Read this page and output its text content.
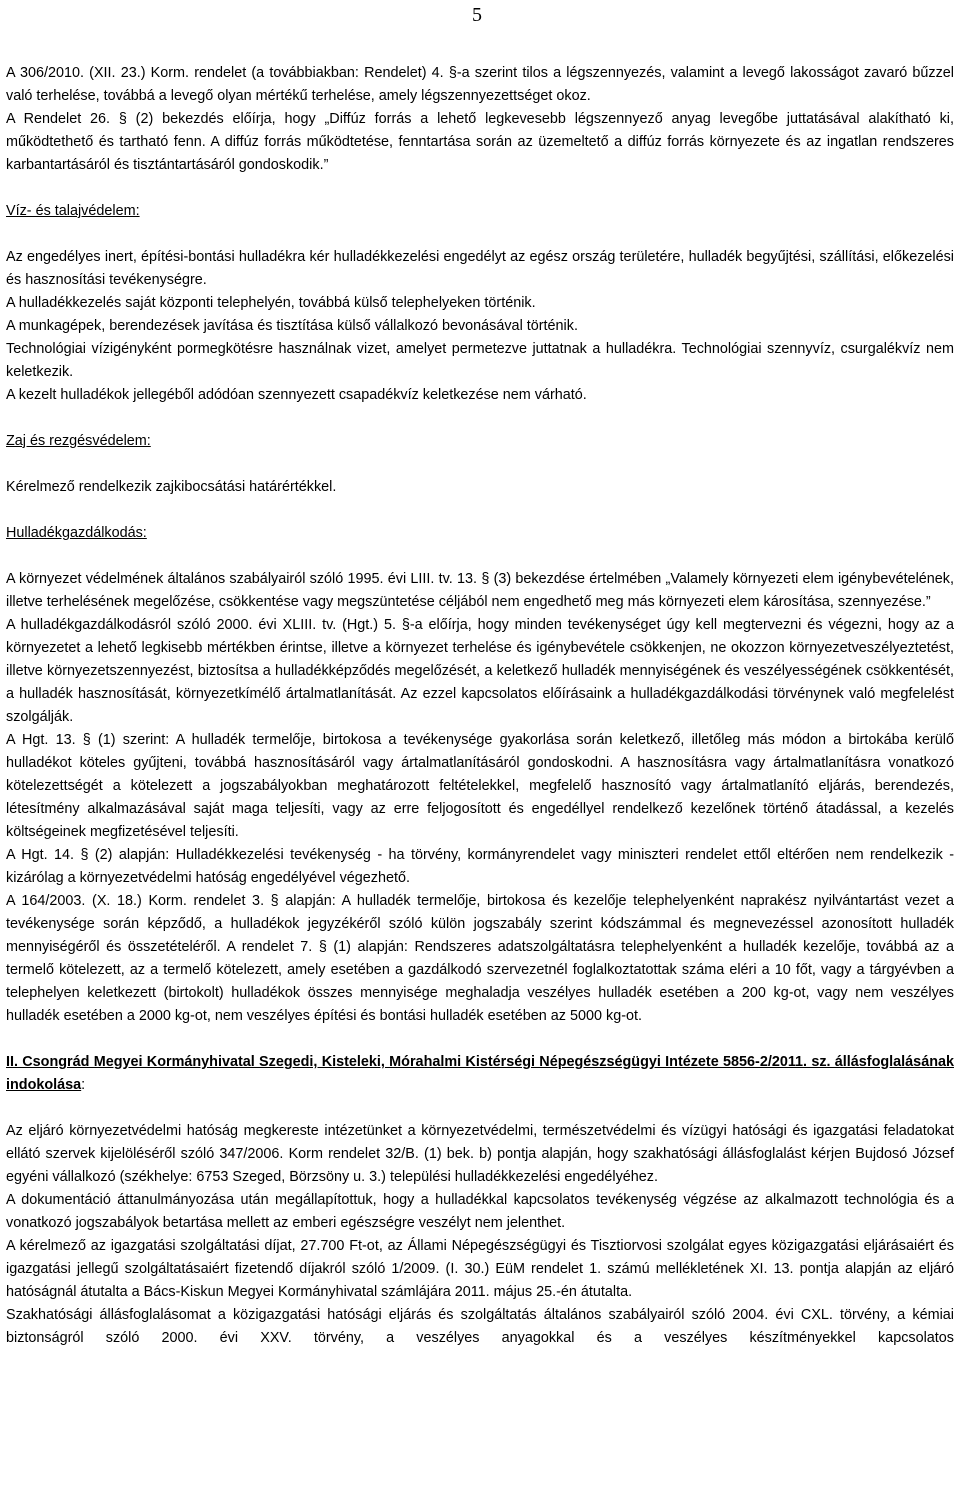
5

A 306/2010. (XII. 23.) Korm. rendelet (a továbbiakban: Rendelet) 4. §-a szerint tilos a légszennyezés, valamint a levegő lakosságot zavaró bűzzel való terhelése, továbbá a levegő olyan mértékű terhelése, amely légszennyezettséget okoz.

A Rendelet 26. § (2) bekezdés előírja, hogy „Diffúz forrás a lehető legkevesebb légszennyező anyag levegőbe juttatásával alakítható ki, működtethető és tartható fenn. A diffúz forrás működtetése, fenntartása során az üzemeltető a diffúz forrás környezete és az ingatlan rendszeres karbantartásáról és tisztántartásáról gondoskodik.”

Víz- és talajvédelem:

Az engedélyes inert, építési-bontási hulladékra kér hulladékkezelési engedélyt az egész ország területére, hulladék begyűjtési, szállítási, előkezelési és hasznosítási tevékenységre.

A hulladékkezelés saját központi telephelyén, továbbá külső telephelyeken történik.

A munkagépek, berendezések javítása és tisztítása külső vállalkozó bevonásával történik.

Technológiai vízigényként pormegkötésre használnak vizet, amelyet permetezve juttatnak a hulladékra. Technológiai szennyvíz, csurgalékvíz nem keletkezik.

A kezelt hulladékok jellegéből adódóan szennyezett csapadékvíz keletkezése nem várható.

Zaj és rezgésvédelem:

Kérelmező rendelkezik zajkibocsátási határértékkel.

Hulladékgazdálkodás:

A környezet védelmének általános szabályairól szóló 1995. évi LIII. tv. 13. § (3) bekezdése értelmében „Valamely környezeti elem igénybevételének, illetve terhelésének megelőzése, csökkentése vagy megszüntetése céljából nem engedhető meg más környezeti elem károsítása, szennyezése.”

A hulladékgazdálkodásról szóló 2000. évi XLIII. tv. (Hgt.) 5. §-a előírja, hogy minden tevékenységet úgy kell megtervezni és végezni, hogy az a környezetet a lehető legkisebb mértékben érintse, illetve a környezet terhelése és igénybevétele csökkenjen, ne okozzon környezetveszélyeztetést, illetve környezetszennyezést, biztosítsa a hulladékképződés megelőzését, a keletkező hulladék mennyiségének és veszélyességének csökkentését, a hulladék hasznosítását, környezetkímélő ártalmatlanítását. Az ezzel kapcsolatos előírásaink a hulladékgazdálkodási törvénynek való megfelelést szolgálják.

A Hgt. 13. § (1) szerint: A hulladék termelője, birtokosa a tevékenysége gyakorlása során keletkező, illetőleg más módon a birtokába kerülő hulladékot köteles gyűjteni, továbbá hasznosításáról vagy ártalmatlanításáról gondoskodni. A hasznosításra vagy ártalmatlanításra vonatkozó kötelezettségét a kötelezett a jogszabályokban meghatározott feltételekkel, megfelelő hasznosító vagy ártalmatlanító eljárás, berendezés, létesítmény alkalmazásával saját maga teljesíti, vagy az erre feljogosított és engedéllyel rendelkező kezelőnek történő átadással, a kezelés költségeinek megfizetésével teljesíti.

A Hgt. 14. § (2) alapján: Hulladékkezelési tevékenység - ha törvény, kormányrendelet vagy miniszteri rendelet ettől eltérően nem rendelkezik - kizárólag a környezetvédelmi hatóság engedélyével végezhető.

A 164/2003. (X. 18.) Korm. rendelet 3. § alapján: A hulladék termelője, birtokosa és kezelője telephelyenként naprakész nyilvántartást vezet a tevékenysége során képződő, a hulladékok jegyzékéről szóló külön jogszabály szerint kódszámmal és megnevezéssel azonosított hulladék mennyiségéről és összetételéről. A rendelet 7. § (1) alapján: Rendszeres adatszolgáltatásra telephelyenként a hulladék kezelője, továbbá az a termelő kötelezett, az a termelő kötelezett, amely esetében a gazdálkodó szervezetnél foglalkoztatottak száma eléri a 10 főt, vagy a tárgyévben a telephelyen keletkezett (birtokolt) hulladékok összes mennyisége meghaladja veszélyes hulladék esetében a 200 kg-ot, vagy nem veszélyes hulladék esetében a 2000 kg-ot, nem veszélyes építési és bontási hulladék esetében az 5000 kg-ot.

II. Csongrád Megyei Kormányhivatal Szegedi, Kisteleki, Mórahalmi Kistérségi Népegészségügyi Intézete 5856-2/2011. sz. állásfoglalásának indokolása:

Az eljáró környezetvédelmi hatóság megkereste intézetünket a környezetvédelmi, természetvédelmi és vízügyi hatósági és igazgatási feladatokat ellátó szervek kijelöléséről szóló 347/2006. Korm rendelet 32/B. (1) bek. b) pontja alapján, hogy szakhatósági állásfoglalást kérjen Bujdosó József egyéni vállalkozó (székhelye: 6753 Szeged, Börzsöny u. 3.) települési hulladékkezelési engedélyéhez.

A dokumentáció áttanulmányozása után megállapítottuk, hogy a hulladékkal kapcsolatos tevékenység végzése az alkalmazott technológia és a vonatkozó jogszabályok betartása mellett az emberi egészségre veszélyt nem jelenthet.

A kérelmező az igazgatási szolgáltatási díjat, 27.700 Ft-ot, az Állami Népegészségügyi és Tisztiorvosi szolgálat egyes közigazgatási eljárásaiért és igazgatási jellegű szolgáltatásaiért fizetendő díjakról szóló 1/2009. (I. 30.) EüM rendelet 1. számú mellékletének XI. 13. pontja alapján az eljáró hatóságnál átutalta a Bács-Kiskun Megyei Kormányhivatal számlájára 2011. május 25.-én átutalta.

Szakhatósági állásfoglalásomat a közigazgatási hatósági eljárás és szolgáltatás általános szabályairól szóló 2004. évi CXL. törvény, a kémiai biztonságról szóló 2000. évi XXV. törvény, a veszélyes anyagokkal és a veszélyes készítményekkel kapcsolatos
